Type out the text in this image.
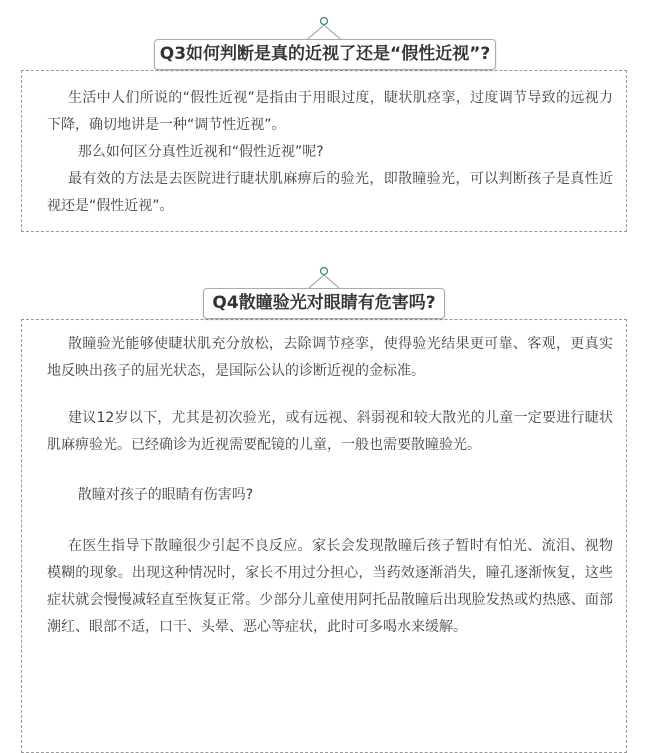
Q3如何判断是真的近视了还是“假性近视”?

生活中人们所说的“假性近视”是指由于用眼过度，睫状肌痉挛，过度调节导致的远视力下降，确切地讲是一种“调节性近视”。

那么如何区分真性近视和“假性近视”呢?

最有效的方法是去医院进行睫状肌麻痹后的验光，即散瞳验光，可以判断孩子是真性近视还是“假性近视”。

Q4散瞳验光对眼睛有危害吗?

散瞳验光能够使睫状肌充分放松，去除调节痉挛，使得验光结果更可靠、客观，更真实地反映出孩子的屈光状态，是国际公认的诊断近视的金标准。

建议12岁以下，尤其是初次验光，或有远视、斜弱视和较大散光的儿童一定要进行睫状肌麻痹验光。已经确诊为近视需要配镜的儿童，一般也需要散瞳验光。

散瞳对孩子的眼睛有伤害吗?

在医生指导下散瞳很少引起不良反应。家长会发现散瞳后孩子暂时有怕光、流泪、视物模糊的现象。出现这种情况时，家长不用过分担心，当药效逐渐消失，瞳孔逐渐恢复，这些症状就会慢慢减轻直至恢复正常。少部分儿童使用阿托品散瞳后出现脸发热或灼热感、面部潮红、眼部不适，口干、头晕、恶心等症状，此时可多喝水来缓解。
